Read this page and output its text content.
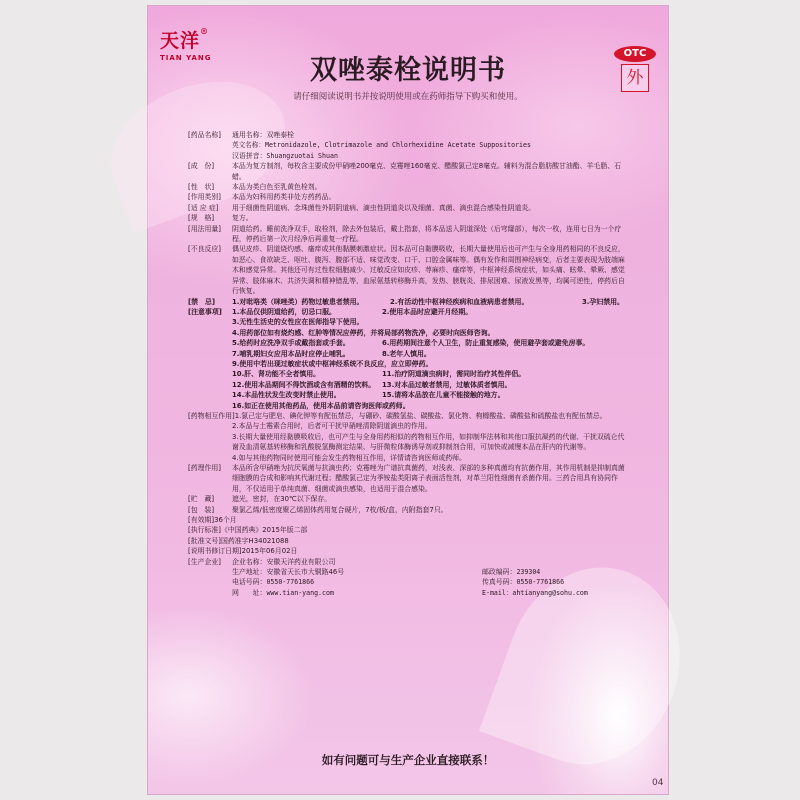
天洋®
TIAN YANG	双唑泰栓说明书
请仔细阅读说明书并按说明使用或在药师指导下购买和使用。
OTC
外
[药品名称]	通用名称：双唑泰栓
英文名称：Metronidazole, Clotrimazole and Chlorhexidine Acetate Suppositories
汉语拼音：Shuangzuotai Shuan
[成　份]	本品为复方制剂，每枚含主要成份甲硝唑200毫克、克霉唑160毫克、醋酸氯己定8毫克。辅料为混合脂肪酸甘油酯、羊毛脂、石蜡。
[性　状]	本品为类白色至乳黄色栓剂。
[作用类别]	本品为妇科用药类非处方药药品。
[适 应 症]	用于细菌性阴道病、念珠菌性外阴阴道病、滴虫性阴道炎以及细菌、真菌、滴虫混合感染性阴道炎。
[规　格]	复方。
[用法用量]	阴道给药。睡前洗净双手，取栓剂，除去外包装后，戴上指套，将本品送入阴道深处（后穹窿部），每次一枚，连用七日为一个疗程，停药后第一次月经净后再重复一疗程。
[不良反应]	偶见皮疹、阴道烧灼感、瘙痒或其他黏膜刺激症状。因本品可自黏膜吸收，长期大量使用后也可产生与全身用药相同的不良反应，如恶心、食欲缺乏、呕吐、腹泻、腹部不适、味觉改变、口干、口腔金属味等。偶有发作和周围神经病变，后者主要表现为肢端麻木和感觉异常。其他还可有过性粒细胞减少、过敏反应如皮疹、荨麻疹、瘙痒等，中枢神经系统症状，如头痛、眩晕、晕厥、感觉异常、肢体麻木、共济失调和精神错乱等，血尿氨基转移酶升高，发热、膀胱炎、排尿困难、尿液发黑等，均属可逆性，停药后自行恢复。
[禁　忌]	1.对吡咯类（咪唑类）药物过敏患者禁用。	2.有活动性中枢神经疾病和血液病患者禁用。	3.孕妇禁用。
[注意事项]	1.本品仅供阴道给药，切忌口服。	2.使用本品时应避开月经期。
3.无性生活史的女性应在医师指导下使用。
4.用药部位如有烧灼感、红肿等情况应停药，并将局部药物洗净，必要时向医师咨询。
5.给药时应洗净双手或戴指套或手套。	6.用药期间注意个人卫生，防止重复感染，使用避孕套或避免房事。
7.哺乳期妇女应用本品时应停止哺乳。	8.老年人慎用。
9.使用中若出现过敏症状或中枢神经系统不良反应，应立即停药。
10.肝、肾功能不全者慎用。	11.治疗阴道滴虫病时，需同时治疗其性伴侣。
12.使用本品期间不得饮酒或含有酒精的饮料。 13.对本品过敏者禁用，过敏体质者慎用。
14.本品性状发生改变时禁止使用。	15.请将本品放在儿童不能接触的地方。
16.如正在使用其他药品，使用本品前请咨询医师或药师。
[药物相互作用] 1.氯己定与肥皂、碘化钾等有配伍禁忌，与硼砂、碳酸氢盐、碳酸盐、氯化物、枸橼酸盐、磷酸盐和硫酸盐也有配伍禁忌。
2.本品与土霉素合用时，后者可干扰甲硝唑清除阴道滴虫的作用。
3.长期大量使用经黏膜吸收后，也可产生与全身用药相似的药物相互作用，如抑制华法林和其他口服抗凝药的代谢、干扰双硫仑代谢及血清氨基转移酶和乳酸脱氢酶测定结果、与肝微粒体酶诱导剂或抑制剂合用，可加快或减慢本品在肝内的代谢等。
4.如与其他药物同时使用可能会发生药物相互作用，详情请咨询医师或药师。
[药理作用]	本品所含甲硝唑为抗厌氧菌与抗滴虫药；克霉唑为广谱抗真菌药，对浅表、深部的多种真菌均有抗菌作用，其作用机制是抑制真菌细胞膜的合成和影响其代谢过程；醋酸氯己定为季铵盐类阳离子表面活性剂，对革兰阳性细菌有杀菌作用。三药合用具有协同作用，不仅适用于单纯真菌、细菌或滴虫感染，也适用于混合感染。
[贮　藏]	遮光，密封，在30℃以下保存。
[包　装]	聚氯乙烯/低密度聚乙烯固体药用复合硬片，7枚/板/盒，内附指套7只。
[有效期]36个月
[执行标准]《中国药典》2015年版二部
[批准文号]国药准字H34021088
[说明书修订日期]2015年06月02日
[生产企业]	企业名称：安徽天洋药业有限公司
生产地址：安徽省天长市大铜路46号	邮政编码：239304
电话号码：0550-7761866	传真号码：0550-7761866
网　　址：www.tian-yang.com	E-mail：ahtianyang@sohu.com
如有问题可与生产企业直接联系！
04
